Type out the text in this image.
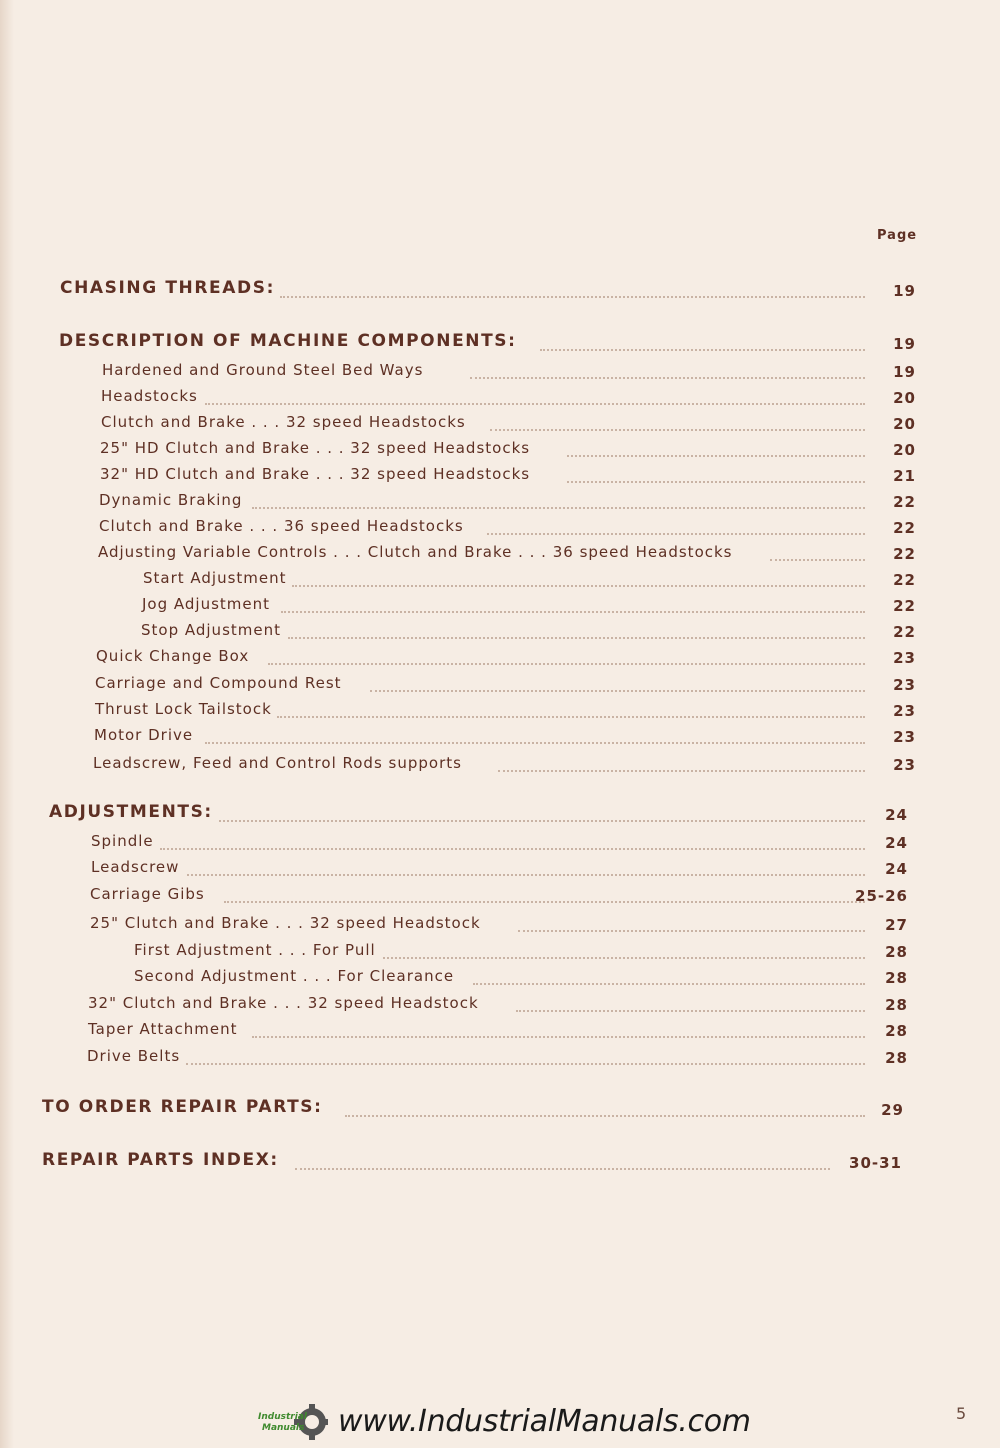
Page
CHASING THREADS:	19
DESCRIPTION OF MACHINE COMPONENTS:	19
Hardened and Ground Steel Bed Ways	19
Headstocks	20
Clutch and Brake . . . 32 speed Headstocks	20
25" HD Clutch and Brake . . . 32 speed Headstocks	20
32" HD Clutch and Brake . . . 32 speed Headstocks	21
Dynamic Braking	22
Clutch and Brake . . . 36 speed Headstocks	22
Adjusting Variable Controls . . . Clutch and Brake . . . 36 speed Headstocks	22
Start Adjustment	22
Jog Adjustment	22
Stop Adjustment	22
Quick Change Box	23
Carriage and Compound Rest	23
Thrust Lock Tailstock	23
Motor Drive	23
Leadscrew, Feed and Control Rods supports	23
ADJUSTMENTS:	24
Spindle	24
Leadscrew	24
Carriage Gibs	25-26
25" Clutch and Brake . . . 32 speed Headstock	27
First Adjustment . . . For Pull	28
Second Adjustment . . . For Clearance	28
32" Clutch and Brake . . . 32 speed Headstock	28
Taper Attachment	28
Drive Belts	28
TO ORDER REPAIR PARTS:	29
REPAIR PARTS INDEX:	30-31
Industrial
Manuals www.IndustrialManuals.com	5
